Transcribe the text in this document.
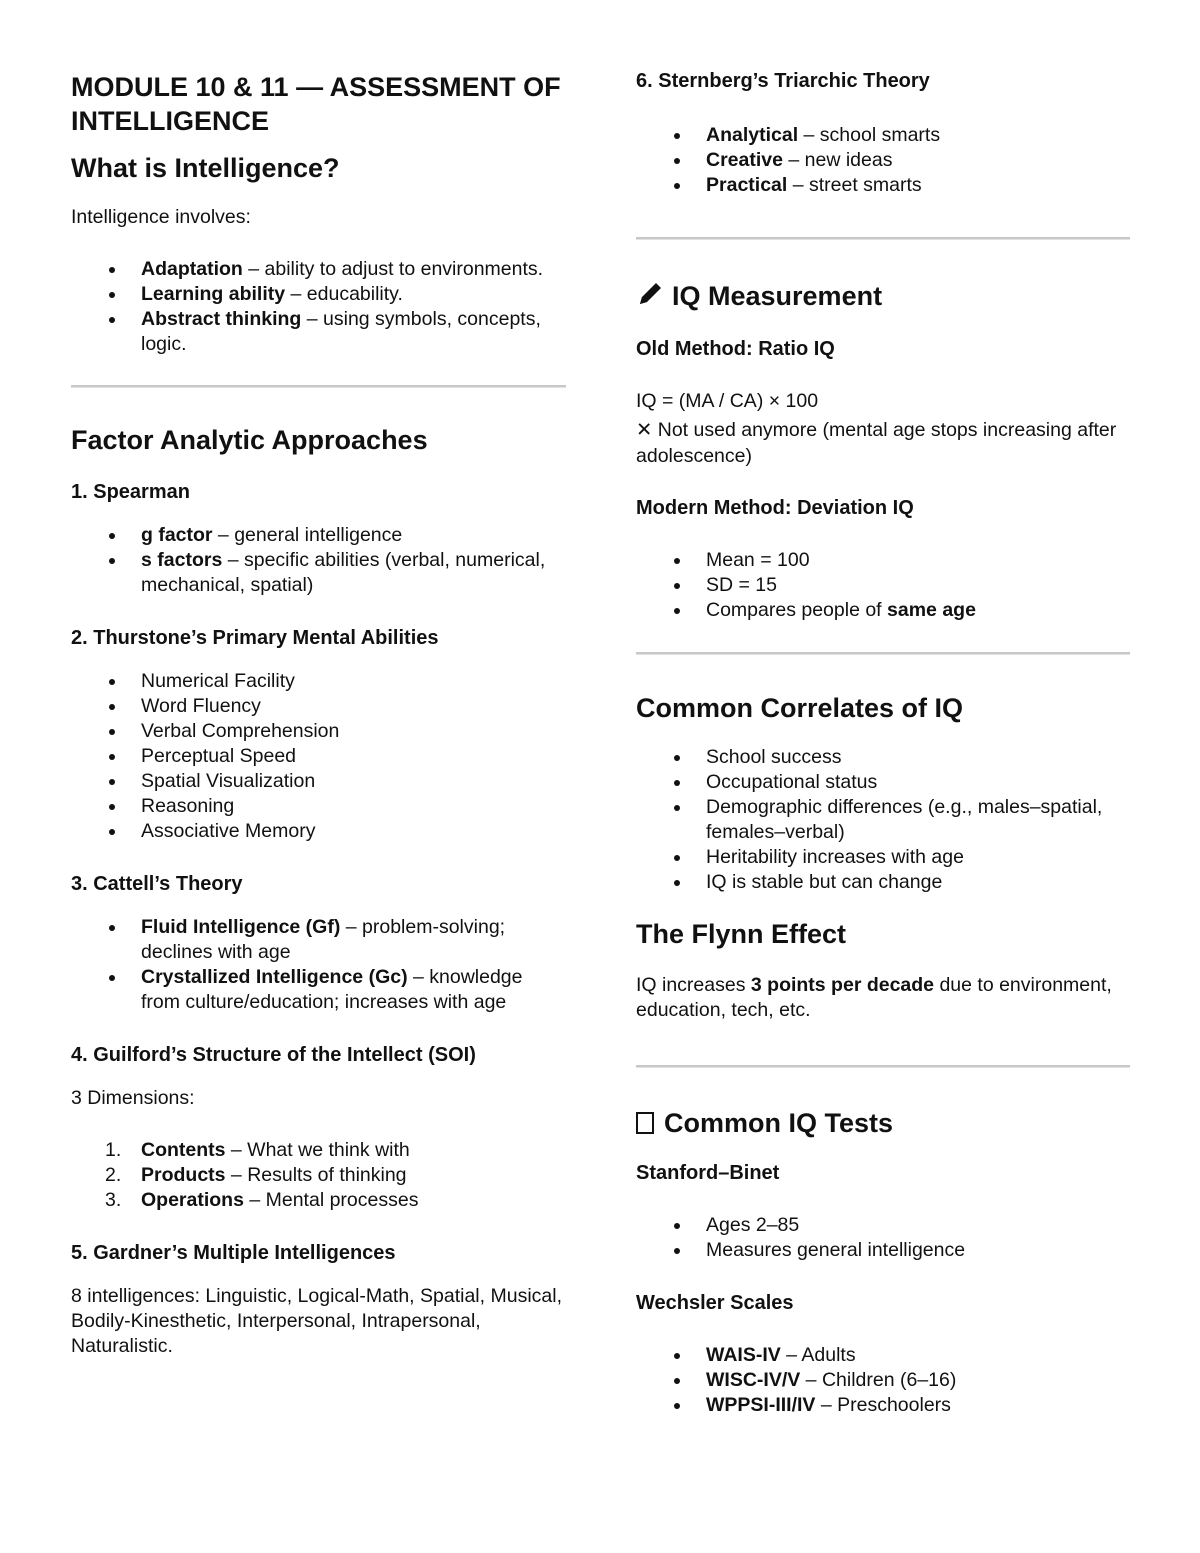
MODULE 10 & 11 — ASSESSMENT OF INTELLIGENCE
What is Intelligence?

Intelligence involves:

Adaptation – ability to adjust to environments.
Learning ability – educability.
Abstract thinking – using symbols, concepts, logic.
Factor Analytic Approaches
1. Spearman
g factor – general intelligence
s factors – specific abilities (verbal, numerical, mechanical, spatial)
2. Thurstone’s Primary Mental Abilities
Numerical Facility
Word Fluency
Verbal Comprehension
Perceptual Speed
Spatial Visualization
Reasoning
Associative Memory
3. Cattell’s Theory
Fluid Intelligence (Gf) – problem-solving; declines with age
Crystallized Intelligence (Gc) – knowledge from culture/education; increases with age
4. Guilford’s Structure of the Intellect (SOI)

3 Dimensions:

1. Contents – What we think with
2. Products – Results of thinking
3. Operations – Mental processes
5. Gardner’s Multiple Intelligences

8 intelligences: Linguistic, Logical-Math, Spatial, Musical, Bodily-Kinesthetic, Interpersonal, Intrapersonal, Naturalistic.

6. Sternberg’s Triarchic Theory
Analytical – school smarts
Creative – new ideas
Practical – street smarts
IQ Measurement
Old Method: Ratio IQ

IQ = (MA / CA) × 100

✕ Not used anymore (mental age stops increasing after adolescence)

Modern Method: Deviation IQ
Mean = 100
SD = 15
Compares people of same age
Common Correlates of IQ
School success
Occupational status
Demographic differences (e.g., males–spatial, females–verbal)
Heritability increases with age
IQ is stable but can change
The Flynn Effect

IQ increases 3 points per decade due to environment, education, tech, etc.

Common IQ Tests
Stanford–Binet
Ages 2–85
Measures general intelligence
Wechsler Scales
WAIS-IV – Adults
WISC-IV/V – Children (6–16)
WPPSI-III/IV – Preschoolers
